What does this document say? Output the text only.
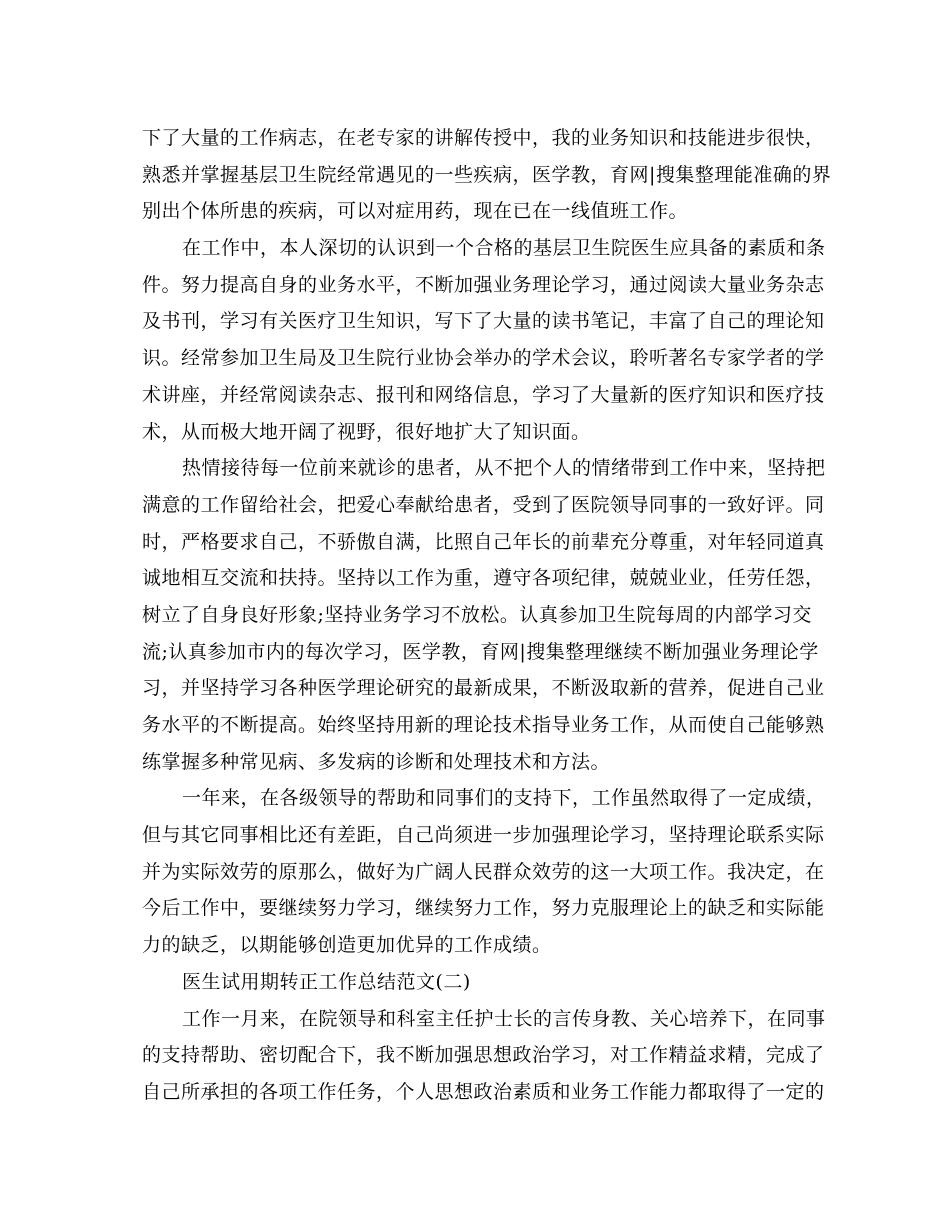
下了大量的工作病志，在老专家的讲解传授中，我的业务知识和技能进步很快，
熟悉并掌握基层卫生院经常遇见的一些疾病，医学教，育网|搜集整理能准确的界
别出个体所患的疾病，可以对症用药，现在已在一线值班工作。
在工作中，本人深切的认识到一个合格的基层卫生院医生应具备的素质和条
件。努力提高自身的业务水平，不断加强业务理论学习，通过阅读大量业务杂志
及书刊，学习有关医疗卫生知识，写下了大量的读书笔记，丰富了自己的理论知
识。经常参加卫生局及卫生院行业协会举办的学术会议，聆听著名专家学者的学
术讲座，并经常阅读杂志、报刊和网络信息，学习了大量新的医疗知识和医疗技
术，从而极大地开阔了视野，很好地扩大了知识面。
热情接待每一位前来就诊的患者，从不把个人的情绪带到工作中来，坚持把
满意的工作留给社会，把爱心奉献给患者，受到了医院领导同事的一致好评。同
时，严格要求自己，不骄傲自满，比照自己年长的前辈充分尊重，对年轻同道真
诚地相互交流和扶持。坚持以工作为重，遵守各项纪律，兢兢业业，任劳任怨，
树立了自身良好形象;坚持业务学习不放松。认真参加卫生院每周的内部学习交
流;认真参加市内的每次学习，医学教，育网|搜集整理继续不断加强业务理论学
习，并坚持学习各种医学理论研究的最新成果，不断汲取新的营养，促进自己业
务水平的不断提高。始终坚持用新的理论技术指导业务工作，从而使自己能够熟
练掌握多种常见病、多发病的诊断和处理技术和方法。
一年来，在各级领导的帮助和同事们的支持下，工作虽然取得了一定成绩，
但与其它同事相比还有差距，自己尚须进一步加强理论学习，坚持理论联系实际
并为实际效劳的原那么，做好为广阔人民群众效劳的这一大项工作。我决定，在
今后工作中，要继续努力学习，继续努力工作，努力克服理论上的缺乏和实际能
力的缺乏，以期能够创造更加优异的工作成绩。
医生试用期转正工作总结范文(二)
工作一月来，在院领导和科室主任护士长的言传身教、关心培养下，在同事
的支持帮助、密切配合下，我不断加强思想政治学习，对工作精益求精，完成了
自己所承担的各项工作任务，个人思想政治素质和业务工作能力都取得了一定的
